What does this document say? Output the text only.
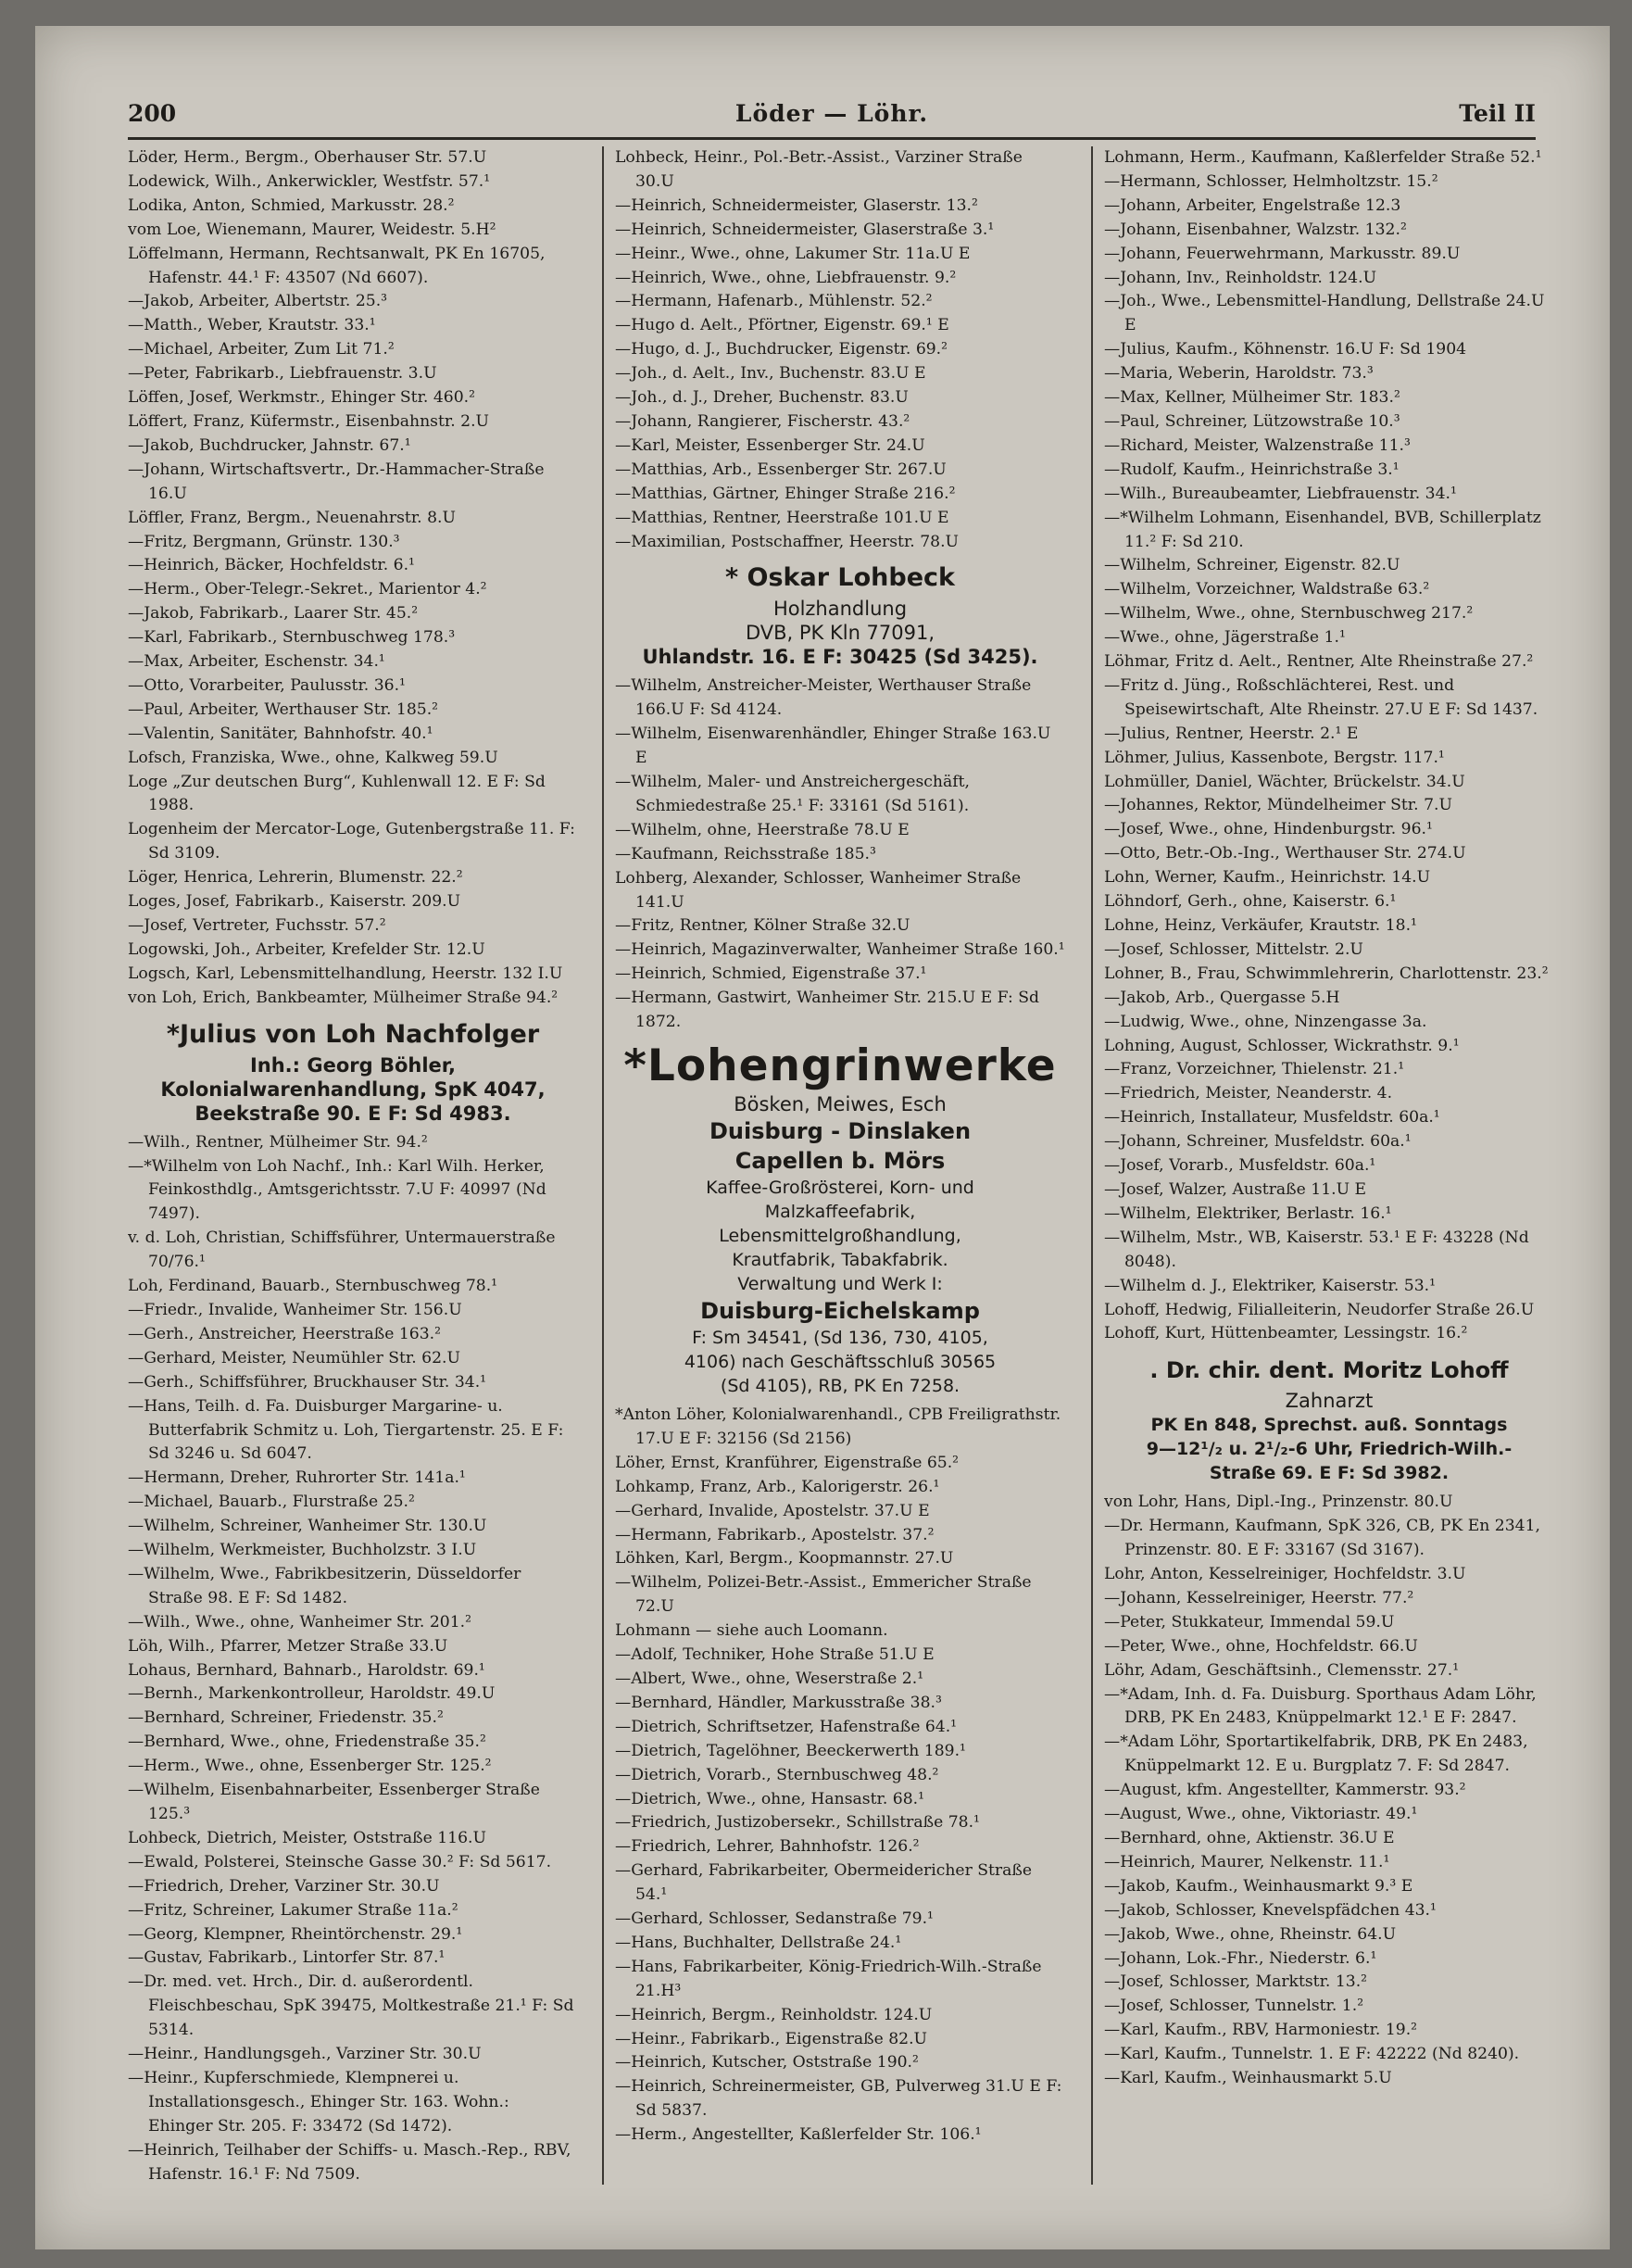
200	Löder — Löhr.	Teil II

Löder, Herm., Bergm., Oberhauser Str. 57.U

Lodewick, Wilh., Ankerwickler, Westfstr. 57.¹

Lodika, Anton, Schmied, Markusstr. 28.²

vom Loe, Wienemann, Maurer, Weidestr. 5.H²

Löffelmann, Hermann, Rechtsanwalt, PK En 16705, Hafenstr. 44.¹ F: 43507 (Nd 6607).

—Jakob, Arbeiter, Albertstr. 25.³

—Matth., Weber, Krautstr. 33.¹

—Michael, Arbeiter, Zum Lit 71.²

—Peter, Fabrikarb., Liebfrauenstr. 3.U

Löffen, Josef, Werkmstr., Ehinger Str. 460.²

Löffert, Franz, Küfermstr., Eisenbahnstr. 2.U

—Jakob, Buchdrucker, Jahnstr. 67.¹

—Johann, Wirtschaftsvertr., Dr.-Hammacher-Straße 16.U

Löffler, Franz, Bergm., Neuenahrstr. 8.U

—Fritz, Bergmann, Grünstr. 130.³

—Heinrich, Bäcker, Hochfeldstr. 6.¹

—Herm., Ober-Telegr.-Sekret., Marientor 4.²

—Jakob, Fabrikarb., Laarer Str. 45.²

—Karl, Fabrikarb., Sternbuschweg 178.³

—Max, Arbeiter, Eschenstr. 34.¹

—Otto, Vorarbeiter, Paulusstr. 36.¹

—Paul, Arbeiter, Werthauser Str. 185.²

—Valentin, Sanitäter, Bahnhofstr. 40.¹

Lofsch, Franziska, Wwe., ohne, Kalkweg 59.U

Loge „Zur deutschen Burg“, Kuhlenwall 12. E F: Sd 1988.

Logenheim der Mercator-Loge, Gutenbergstraße 11. F: Sd 3109.

Löger, Henrica, Lehrerin, Blumenstr. 22.²

Loges, Josef, Fabrikarb., Kaiserstr. 209.U

—Josef, Vertreter, Fuchsstr. 57.²

Logowski, Joh., Arbeiter, Krefelder Str. 12.U

Logsch, Karl, Lebensmittelhandlung, Heerstr. 132 I.U

von Loh, Erich, Bankbeamter, Mülheimer Straße 94.²

*Julius von Loh Nachfolger
Inh.: Georg Böhler,
Kolonialwarenhandlung, SpK 4047,
Beekstraße 90. E F: Sd 4983.

—Wilh., Rentner, Mülheimer Str. 94.²

—*Wilhelm von Loh Nachf., Inh.: Karl Wilh. Herker, Feinkosthdlg., Amtsgerichtsstr. 7.U F: 40997 (Nd 7497).

v. d. Loh, Christian, Schiffsführer, Untermauerstraße 70/76.¹

Loh, Ferdinand, Bauarb., Sternbuschweg 78.¹

—Friedr., Invalide, Wanheimer Str. 156.U

—Gerh., Anstreicher, Heerstraße 163.²

—Gerhard, Meister, Neumühler Str. 62.U

—Gerh., Schiffsführer, Bruckhauser Str. 34.¹

—Hans, Teilh. d. Fa. Duisburger Margarine- u. Butterfabrik Schmitz u. Loh, Tiergartenstr. 25. E F: Sd 3246 u. Sd 6047.

—Hermann, Dreher, Ruhrorter Str. 141a.¹

—Michael, Bauarb., Flurstraße 25.²

—Wilhelm, Schreiner, Wanheimer Str. 130.U

—Wilhelm, Werkmeister, Buchholzstr. 3 I.U

—Wilhelm, Wwe., Fabrikbesitzerin, Düsseldorfer Straße 98. E F: Sd 1482.

—Wilh., Wwe., ohne, Wanheimer Str. 201.²

Löh, Wilh., Pfarrer, Metzer Straße 33.U

Lohaus, Bernhard, Bahnarb., Haroldstr. 69.¹

—Bernh., Markenkontrolleur, Haroldstr. 49.U

—Bernhard, Schreiner, Friedenstr. 35.²

—Bernhard, Wwe., ohne, Friedenstraße 35.²

—Herm., Wwe., ohne, Essenberger Str. 125.²

—Wilhelm, Eisenbahnarbeiter, Essenberger Straße 125.³

Lohbeck, Dietrich, Meister, Oststraße 116.U

—Ewald, Polsterei, Steinsche Gasse 30.² F: Sd 5617.

—Friedrich, Dreher, Varziner Str. 30.U

—Fritz, Schreiner, Lakumer Straße 11a.²

—Georg, Klempner, Rheintörchenstr. 29.¹

—Gustav, Fabrikarb., Lintorfer Str. 87.¹

—Dr. med. vet. Hrch., Dir. d. außerordentl. Fleischbeschau, SpK 39475, Moltkestraße 21.¹ F: Sd 5314.

—Heinr., Handlungsgeh., Varziner Str. 30.U

—Heinr., Kupferschmiede, Klempnerei u. Installationsgesch., Ehinger Str. 163. Wohn.: Ehinger Str. 205. F: 33472 (Sd 1472).

—Heinrich, Teilhaber der Schiffs- u. Masch.-Rep., RBV, Hafenstr. 16.¹ F: Nd 7509.

Lohbeck, Heinr., Pol.-Betr.-Assist., Varziner Straße 30.U

—Heinrich, Schneidermeister, Glaserstr. 13.²

—Heinrich, Schneidermeister, Glaserstraße 3.¹

—Heinr., Wwe., ohne, Lakumer Str. 11a.U E

—Heinrich, Wwe., ohne, Liebfrauenstr. 9.²

—Hermann, Hafenarb., Mühlenstr. 52.²

—Hugo d. Aelt., Pförtner, Eigenstr. 69.¹ E

—Hugo, d. J., Buchdrucker, Eigenstr. 69.²

—Joh., d. Aelt., Inv., Buchenstr. 83.U E

—Joh., d. J., Dreher, Buchenstr. 83.U

—Johann, Rangierer, Fischerstr. 43.²

—Karl, Meister, Essenberger Str. 24.U

—Matthias, Arb., Essenberger Str. 267.U

—Matthias, Gärtner, Ehinger Straße 216.²

—Matthias, Rentner, Heerstraße 101.U E

—Maximilian, Postschaffner, Heerstr. 78.U

* Oskar Lohbeck
Holzhandlung
DVB, PK Kln 77091,
Uhlandstr. 16. E F: 30425 (Sd 3425).

—Wilhelm, Anstreicher-Meister, Werthauser Straße 166.U F: Sd 4124.

—Wilhelm, Eisenwarenhändler, Ehinger Straße 163.U E

—Wilhelm, Maler- und Anstreichergeschäft, Schmiedestraße 25.¹ F: 33161 (Sd 5161).

—Wilhelm, ohne, Heerstraße 78.U E

—Kaufmann, Reichsstraße 185.³

Lohberg, Alexander, Schlosser, Wanheimer Straße 141.U

—Fritz, Rentner, Kölner Straße 32.U

—Heinrich, Magazinverwalter, Wanheimer Straße 160.¹

—Heinrich, Schmied, Eigenstraße 37.¹

—Hermann, Gastwirt, Wanheimer Str. 215.U E F: Sd 1872.

*Lohengrinwerke
Bösken, Meiwes, Esch
Duisburg - Dinslaken
Capellen b. Mörs
Kaffee-Großrösterei, Korn- und
Malzkaffeefabrik,
Lebensmittelgroßhandlung,
Krautfabrik, Tabakfabrik.
Verwaltung und Werk I:
Duisburg-Eichelskamp
F: Sm 34541, (Sd 136, 730, 4105,
4106) nach Geschäftsschluß 30565
(Sd 4105), RB, PK En 7258.

*Anton Löher, Kolonialwarenhandl., CPB Freiligrathstr. 17.U E F: 32156 (Sd 2156)

Löher, Ernst, Kranführer, Eigenstraße 65.²

Lohkamp, Franz, Arb., Kalorigerstr. 26.¹

—Gerhard, Invalide, Apostelstr. 37.U E

—Hermann, Fabrikarb., Apostelstr. 37.²

Löhken, Karl, Bergm., Koopmannstr. 27.U

—Wilhelm, Polizei-Betr.-Assist., Emmericher Straße 72.U

Lohmann — siehe auch Loomann.

—Adolf, Techniker, Hohe Straße 51.U E

—Albert, Wwe., ohne, Weserstraße 2.¹

—Bernhard, Händler, Markusstraße 38.³

—Dietrich, Schriftsetzer, Hafenstraße 64.¹

—Dietrich, Tagelöhner, Beeckerwerth 189.¹

—Dietrich, Vorarb., Sternbuschweg 48.²

—Dietrich, Wwe., ohne, Hansastr. 68.¹

—Friedrich, Justizobersekr., Schillstraße 78.¹

—Friedrich, Lehrer, Bahnhofstr. 126.²

—Gerhard, Fabrikarbeiter, Obermeidericher Straße 54.¹

—Gerhard, Schlosser, Sedanstraße 79.¹

—Hans, Buchhalter, Dellstraße 24.¹

—Hans, Fabrikarbeiter, König-Friedrich-Wilh.-Straße 21.H³

—Heinrich, Bergm., Reinholdstr. 124.U

—Heinr., Fabrikarb., Eigenstraße 82.U

—Heinrich, Kutscher, Oststraße 190.²

—Heinrich, Schreinermeister, GB, Pulverweg 31.U E F: Sd 5837.

—Herm., Angestellter, Kaßlerfelder Str. 106.¹

Lohmann, Herm., Kaufmann, Kaßlerfelder Straße 52.¹

—Hermann, Schlosser, Helmholtzstr. 15.²

—Johann, Arbeiter, Engelstraße 12.3

—Johann, Eisenbahner, Walzstr. 132.²

—Johann, Feuerwehrmann, Markusstr. 89.U

—Johann, Inv., Reinholdstr. 124.U

—Joh., Wwe., Lebensmittel-Handlung, Dellstraße 24.U E

—Julius, Kaufm., Köhnenstr. 16.U F: Sd 1904

—Maria, Weberin, Haroldstr. 73.³

—Max, Kellner, Mülheimer Str. 183.²

—Paul, Schreiner, Lützowstraße 10.³

—Richard, Meister, Walzenstraße 11.³

—Rudolf, Kaufm., Heinrichstraße 3.¹

—Wilh., Bureaubeamter, Liebfrauenstr. 34.¹

—*Wilhelm Lohmann, Eisenhandel, BVB, Schillerplatz 11.² F: Sd 210.

—Wilhelm, Schreiner, Eigenstr. 82.U

—Wilhelm, Vorzeichner, Waldstraße 63.²

—Wilhelm, Wwe., ohne, Sternbuschweg 217.²

—Wwe., ohne, Jägerstraße 1.¹

Löhmar, Fritz d. Aelt., Rentner, Alte Rheinstraße 27.²

—Fritz d. Jüng., Roßschlächterei, Rest. und Speisewirtschaft, Alte Rheinstr. 27.U E F: Sd 1437.

—Julius, Rentner, Heerstr. 2.¹ E

Löhmer, Julius, Kassenbote, Bergstr. 117.¹

Lohmüller, Daniel, Wächter, Brückelstr. 34.U

—Johannes, Rektor, Mündelheimer Str. 7.U

—Josef, Wwe., ohne, Hindenburgstr. 96.¹

—Otto, Betr.-Ob.-Ing., Werthauser Str. 274.U

Lohn, Werner, Kaufm., Heinrichstr. 14.U

Löhndorf, Gerh., ohne, Kaiserstr. 6.¹

Lohne, Heinz, Verkäufer, Krautstr. 18.¹

—Josef, Schlosser, Mittelstr. 2.U

Lohner, B., Frau, Schwimmlehrerin, Charlottenstr. 23.²

—Jakob, Arb., Quergasse 5.H

—Ludwig, Wwe., ohne, Ninzengasse 3a.

Lohning, August, Schlosser, Wickrathstr. 9.¹

—Franz, Vorzeichner, Thielenstr. 21.¹

—Friedrich, Meister, Neanderstr. 4.

—Heinrich, Installateur, Musfeldstr. 60a.¹

—Johann, Schreiner, Musfeldstr. 60a.¹

—Josef, Vorarb., Musfeldstr. 60a.¹

—Josef, Walzer, Austraße 11.U E

—Wilhelm, Elektriker, Berlastr. 16.¹

—Wilhelm, Mstr., WB, Kaiserstr. 53.¹ E F: 43228 (Nd 8048).

—Wilhelm d. J., Elektriker, Kaiserstr. 53.¹

Lohoff, Hedwig, Filialleiterin, Neudorfer Straße 26.U

Lohoff, Kurt, Hüttenbeamter, Lessingstr. 16.²

. Dr. chir. dent. Moritz Lohoff
Zahnarzt
PK En 848, Sprechst. auß. Sonntags
9—12¹/₂ u. 2¹/₂-6 Uhr, Friedrich-Wilh.-
Straße 69. E F: Sd 3982.

von Lohr, Hans, Dipl.-Ing., Prinzenstr. 80.U

—Dr. Hermann, Kaufmann, SpK 326, CB, PK En 2341, Prinzenstr. 80. E F: 33167 (Sd 3167).

Lohr, Anton, Kesselreiniger, Hochfeldstr. 3.U

—Johann, Kesselreiniger, Heerstr. 77.²

—Peter, Stukkateur, Immendal 59.U

—Peter, Wwe., ohne, Hochfeldstr. 66.U

Löhr, Adam, Geschäftsinh., Clemensstr. 27.¹

—*Adam, Inh. d. Fa. Duisburg. Sporthaus Adam Löhr, DRB, PK En 2483, Knüppelmarkt 12.¹ E F: 2847.

—*Adam Löhr, Sportartikelfabrik, DRB, PK En 2483, Knüppelmarkt 12. E u. Burgplatz 7. F: Sd 2847.

—August, kfm. Angestellter, Kammerstr. 93.²

—August, Wwe., ohne, Viktoriastr. 49.¹

—Bernhard, ohne, Aktienstr. 36.U E

—Heinrich, Maurer, Nelkenstr. 11.¹

—Jakob, Kaufm., Weinhausmarkt 9.³ E

—Jakob, Schlosser, Knevelspfädchen 43.¹

—Jakob, Wwe., ohne, Rheinstr. 64.U

—Johann, Lok.-Fhr., Niederstr. 6.¹

—Josef, Schlosser, Marktstr. 13.²

—Josef, Schlosser, Tunnelstr. 1.²

—Karl, Kaufm., RBV, Harmoniestr. 19.²

—Karl, Kaufm., Tunnelstr. 1. E F: 42222 (Nd 8240).

—Karl, Kaufm., Weinhausmarkt 5.U
